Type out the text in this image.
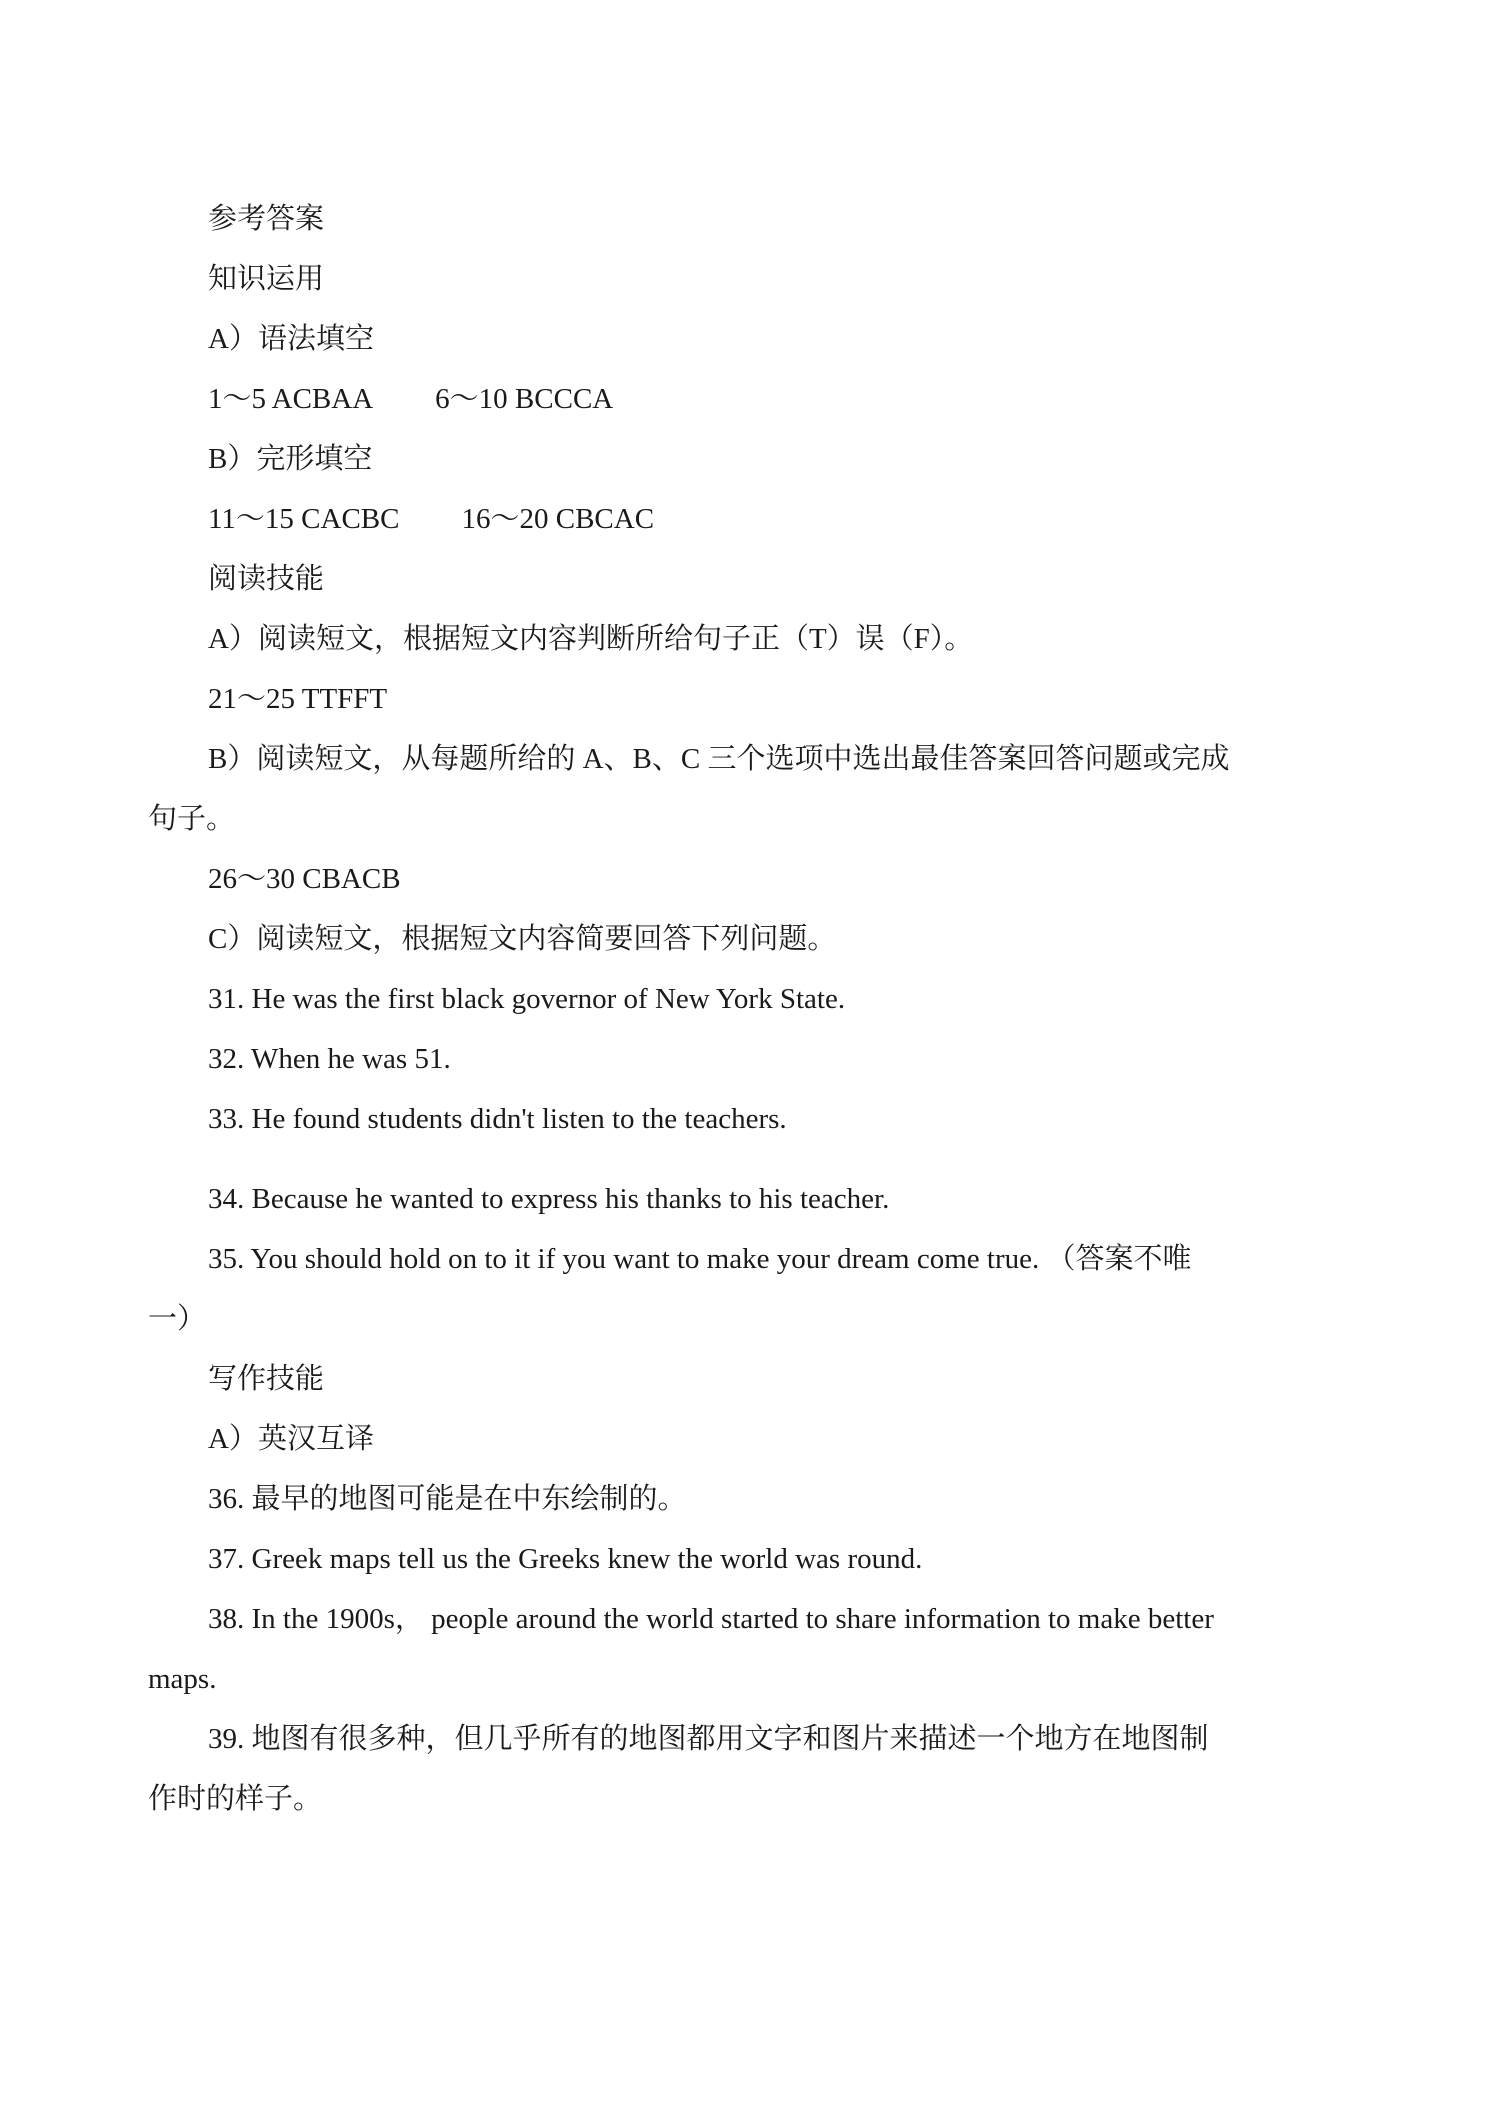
参考答案
知识运用
A）语法填空
1～5 ACBAA 6～10 BCCCA
B）完形填空
11～15 CACBC 16～20 CBCAC
阅读技能
A）阅读短文，根据短文内容判断所给句子正（T）误（F）。
21～25 TTFFT
B）阅读短文，从每题所给的 A、B、C 三个选项中选出最佳答案回答问题或完成
句子。
26～30 CBACB
C）阅读短文，根据短文内容简要回答下列问题。
31. He was the first black governor of New York State.
32. When he was 51.
33. He found students didn't listen to the teachers.
34. Because he wanted to express his thanks to his teacher.
35. You should hold on to it if you want to make your dream come true. （答案不唯
一）
写作技能
A）英汉互译
36. 最早的地图可能是在中东绘制的。
37. Greek maps tell us the Greeks knew the world was round.
38. In the 1900s， people around the world started to share information to make better
maps.
39. 地图有很多种，但几乎所有的地图都用文字和图片来描述一个地方在地图制
作时的样子。
